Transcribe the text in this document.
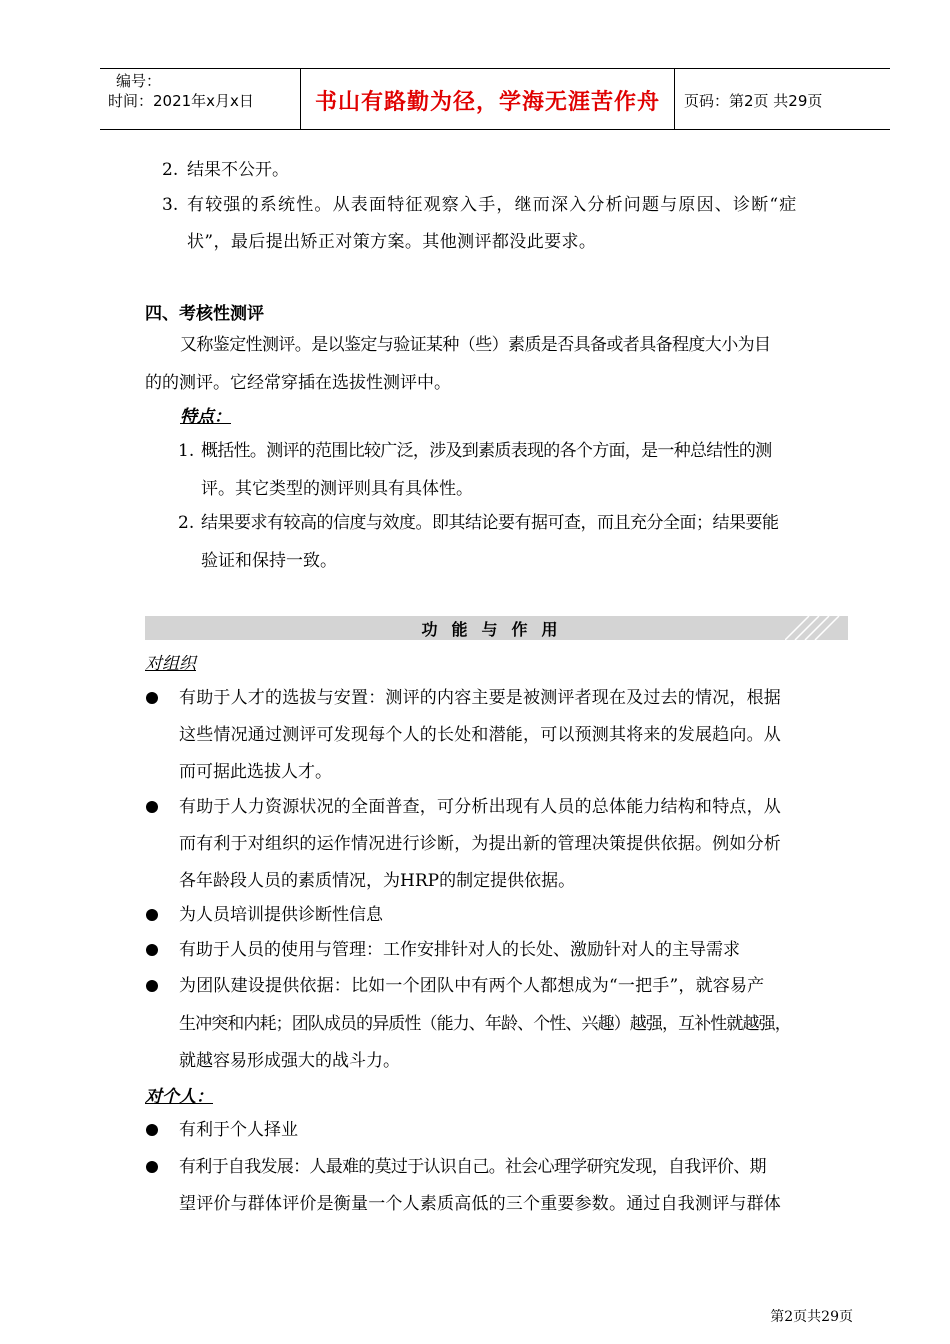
编号：
时间：2021年x月x日	书山有路勤为径，学海无涯苦作舟	页码：第2页 共29页
2. 结果不公开。
3. 有较强的系统性。从表面特征观察入手，继而深入分析问题与原因、诊断“症
状”，最后提出矫正对策方案。其他测评都没此要求。
四、考核性测评
又称鉴定性测评。是以鉴定与验证某种（些）素质是否具备或者具备程度大小为目
的的测评。它经常穿插在选拔性测评中。
特点：
1. 概括性。测评的范围比较广泛，涉及到素质表现的各个方面，是一种总结性的测
评。其它类型的测评则具有具体性。
2. 结果要求有较高的信度与效度。即其结论要有据可查，而且充分全面；结果要能
验证和保持一致。
功能与作用
对组织
有助于人才的选拔与安置：测评的内容主要是被测评者现在及过去的情况，根据
这些情况通过测评可发现每个人的长处和潜能，可以预测其将来的发展趋向。从
而可据此选拔人才。
有助于人力资源状况的全面普查，可分析出现有人员的总体能力结构和特点，从
而有利于对组织的运作情况进行诊断，为提出新的管理决策提供依据。例如分析
各年龄段人员的素质情况，为HRP的制定提供依据。
为人员培训提供诊断性信息
有助于人员的使用与管理：工作安排针对人的长处、激励针对人的主导需求
为团队建设提供依据：比如一个团队中有两个人都想成为“一把手”，就容易产
生冲突和内耗；团队成员的异质性（能力、年龄、个性、兴趣）越强，互补性就越强，
就越容易形成强大的战斗力。
对个人：
有利于个人择业
有利于自我发展：人最难的莫过于认识自己。社会心理学研究发现，自我评价、期
望评价与群体评价是衡量一个人素质高低的三个重要参数。通过自我测评与群体
第2页共29页
